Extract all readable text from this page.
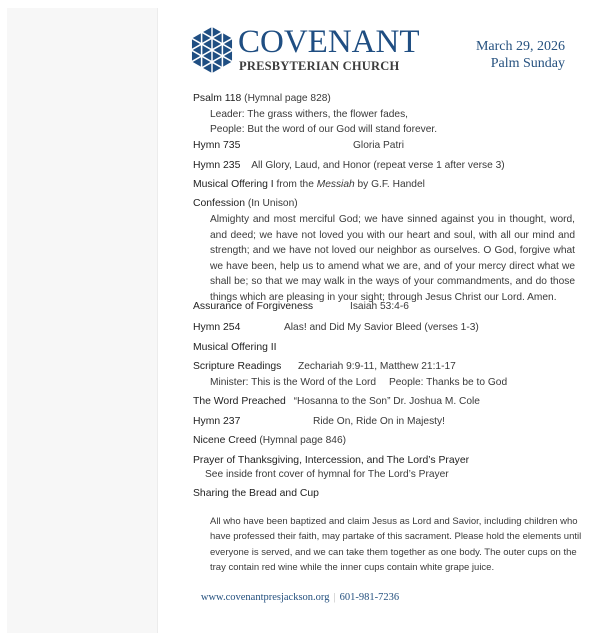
COVENANT
PRESBYTERIAN CHURCH
March 29, 2026
Palm Sunday
Psalm 118 (Hymnal page 828)
Leader: The grass withers, the flower fades,
People: But the word of our God will stand forever.
Hymn 735	Gloria Patri
Hymn 235 All Glory, Laud, and Honor (repeat verse 1 after verse 3)
Musical Offering I from the Messiah by G.F. Handel
Confession (In Unison)
Almighty and most merciful God; we have sinned against you in thought, word, and deed; we have not loved you with our heart and soul, with all our mind and strength; and we have not loved our neighbor as ourselves. O God, forgive what we have been, help us to amend what we are, and of your mercy direct what we shall be; so that we may walk in the ways of your commandments, and do those things which are pleasing in your sight; through Jesus Christ our Lord. Amen.
Assurance of Forgiveness	Isaiah 53:4-6
Hymn 254	Alas! and Did My Savior Bleed (verses 1-3)
Musical Offering II
Scripture Readings Zechariah 9:9-11, Matthew 21:1-17
Minister: This is the Word of the Lord People: Thanks be to God
The Word Preached “Hosanna to the Son” Dr. Joshua M. Cole
Hymn 237	Ride On, Ride On in Majesty!
Nicene Creed (Hymnal page 846)
Prayer of Thanksgiving, Intercession, and The Lord’s Prayer
See inside front cover of hymnal for The Lord’s Prayer
Sharing the Bread and Cup
All who have been baptized and claim Jesus as Lord and Savior, including children who have professed their faith, may partake of this sacrament. Please hold the elements until everyone is served, and we can take them together as one body. The outer cups on the tray contain red wine while the inner cups contain white grape juice.
www.covenantpresjackson.org | 601-981-7236
